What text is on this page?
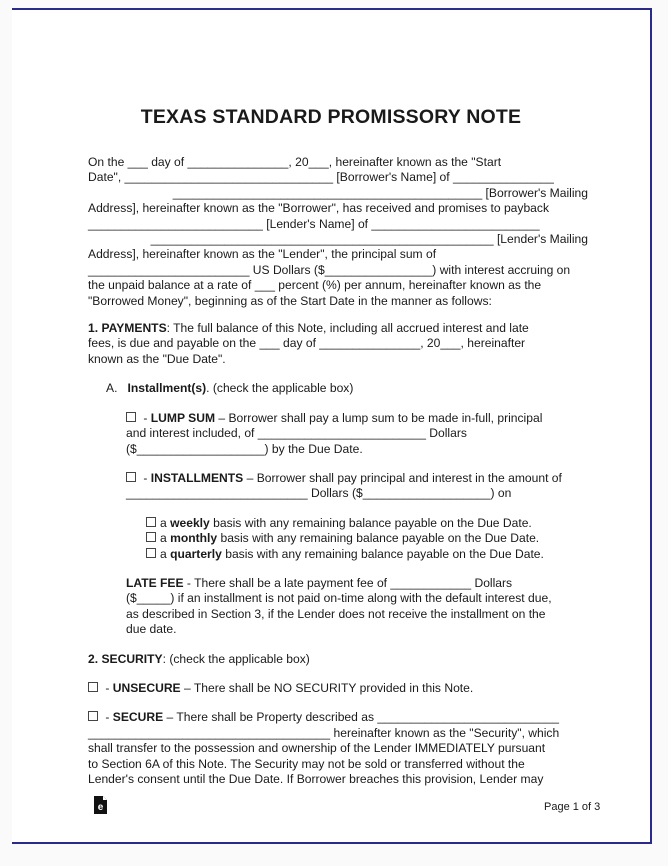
TEXAS STANDARD PROMISSORY NOTE

On the ___ day of _______________, 20___, hereinafter known as the "Start

Date", _______________________________ [Borrower's Name] of _______________

______________________________________________ [Borrower's Mailing

Address], hereinafter known as the "Borrower", has received and promises to payback

__________________________ [Lender's Name] of _________________________

___________________________________________________ [Lender's Mailing

Address], hereinafter known as the "Lender", the principal sum of

________________________ US Dollars ($________________) with interest accruing on

the unpaid balance at a rate of ___ percent (%) per annum, hereinafter known as the

"Borrowed Money", beginning as of the Start Date in the manner as follows:

1. PAYMENTS: The full balance of this Note, including all accrued interest and late

fees, is due and payable on the ___ day of _______________, 20___, hereinafter

known as the "Due Date".

A. Installment(s). (check the applicable box)

- LUMP SUM – Borrower shall pay a lump sum to be made in-full, principal

and interest included, of _________________________ Dollars

($___________________) by the Due Date.

- INSTALLMENTS – Borrower shall pay principal and interest in the amount of

___________________________ Dollars ($___________________) on

a weekly basis with any remaining balance payable on the Due Date.

a monthly basis with any remaining balance payable on the Due Date.

a quarterly basis with any remaining balance payable on the Due Date.

LATE FEE - There shall be a late payment fee of ____________ Dollars

($_____) if an installment is not paid on-time along with the default interest due,

as described in Section 3, if the Lender does not receive the installment on the

due date.

2. SECURITY: (check the applicable box)

- UNSECURE – There shall be NO SECURITY provided in this Note.

- SECURE – There shall be Property described as ___________________________

____________________________________ hereinafter known as the "Security", which

shall transfer to the possession and ownership of the Lender IMMEDIATELY pursuant

to Section 6A of this Note. The Security may not be sold or transferred without the

Lender's consent until the Due Date. If Borrower breaches this provision, Lender may

e	Page 1 of 3
